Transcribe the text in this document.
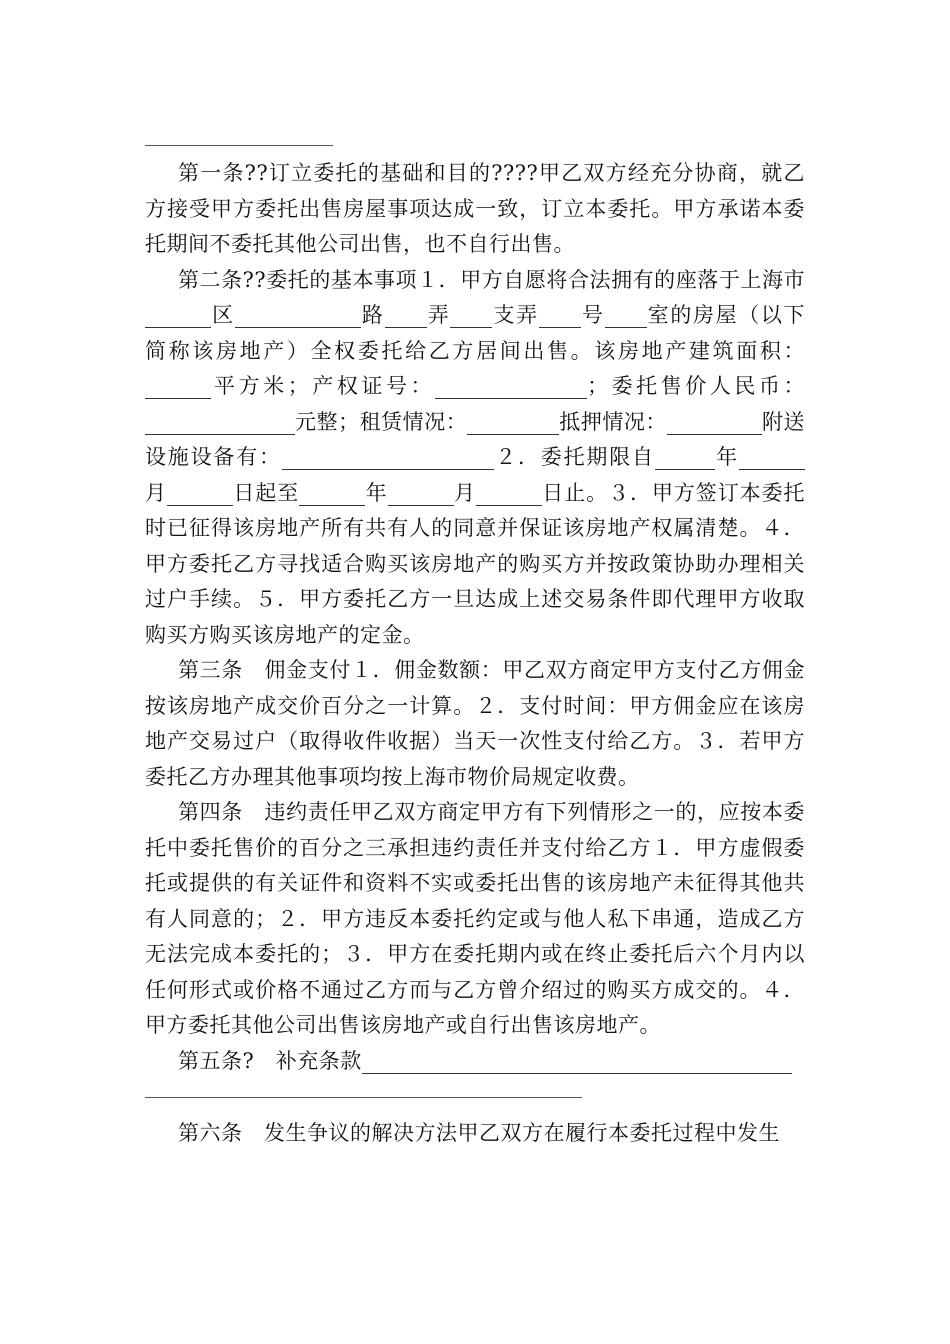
第一条??订立委托的基础和目的????甲乙双方经充分协商，就乙方接受甲方委托出售房屋事项达成一致，订立本委托。甲方承诺本委托期间不委托其他公司出售，也不自行出售。

第二条??委托的基本事项１．甲方自愿将合法拥有的座落于上海市区	路 弄 支弄 号 室的房屋（以下简称该房地产）全权委托给乙方居间出售。该房地产建筑面积：平方米；产权证号：	；委托售价人民币：元整；租赁情况：	抵押情况：	附送设施设备有：	２．委托期限自	年月	日起至	年	月	日止。３．甲方签订本委托时已征得该房地产所有共有人的同意并保证该房地产权属清楚。４．甲方委托乙方寻找适合购买该房地产的购买方并按政策协助办理相关过户手续。５．甲方委托乙方一旦达成上述交易条件即代理甲方收取购买方购买该房地产的定金。

第三条　佣金支付１．佣金数额：甲乙双方商定甲方支付乙方佣金按该房地产成交价百分之一计算。２．支付时间：甲方佣金应在该房地产交易过户（取得收件收据）当天一次性支付给乙方。３．若甲方委托乙方办理其他事项均按上海市物价局规定收费。

第四条　违约责任甲乙双方商定甲方有下列情形之一的，应按本委托中委托售价的百分之三承担违约责任并支付给乙方１．甲方虚假委托或提供的有关证件和资料不实或委托出售的该房地产未征得其他共有人同意的；２．甲方违反本委托约定或与他人私下串通，造成乙方无法完成本委托的；３．甲方在委托期内或在终止委托后六个月内以任何形式或价格不通过乙方而与乙方曾介绍过的购买方成交的。４．甲方委托其他公司出售该房地产或自行出售该房地产。

第五条?　补充条款

第六条　发生争议的解决方法甲乙双方在履行本委托过程中发生
